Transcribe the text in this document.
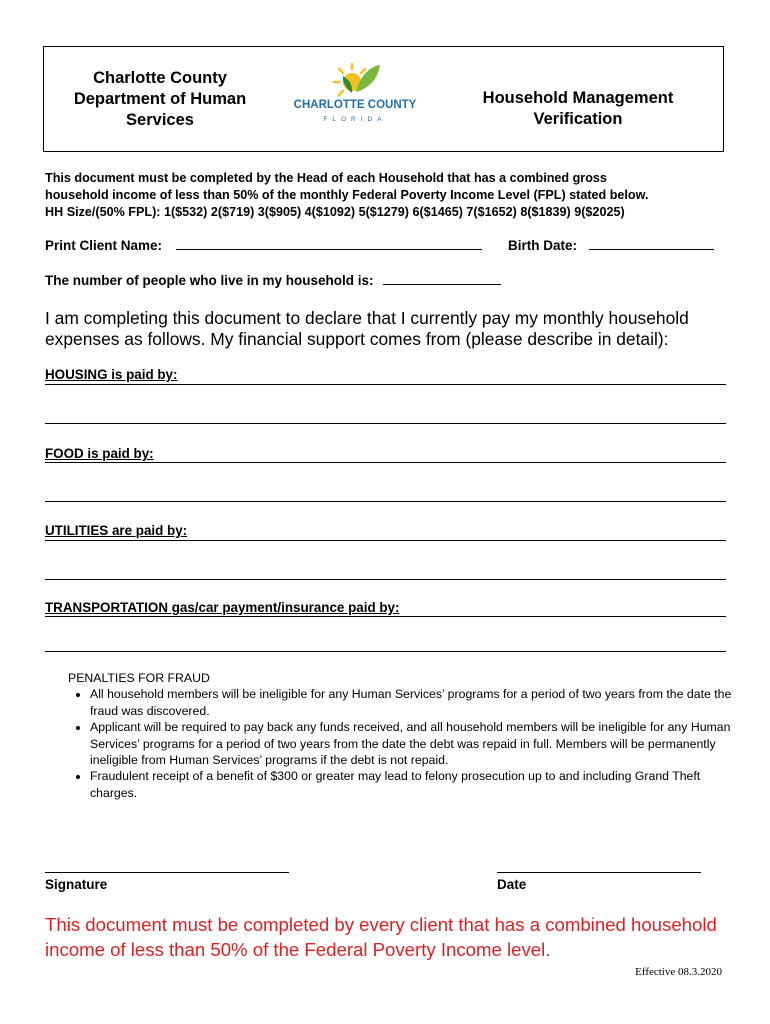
Charlotte County
Department of Human
Services
CHARLOTTE COUNTY
FLORIDA
Household Management
Verification
This document must be completed by the Head of each Household that has a combined gross
household income of less than 50% of the monthly Federal Poverty Income Level (FPL) stated below.
HH Size/(50% FPL): 1($532) 2($719) 3($905) 4($1092) 5($1279) 6($1465) 7($1652) 8($1839) 9($2025)
Print Client Name:	Birth Date:
The number of people who live in my household is:
I am completing this document to declare that I currently pay my monthly household expenses as follows. My financial support comes from (please describe in detail):
HOUSING is paid by:
FOOD is paid by:
UTILITIES are paid by:
TRANSPORTATION gas/car payment/insurance paid by:
PENALTIES FOR FRAUD
• All household members will be ineligible for any Human Services’ programs for a period of two years from the date the fraud was discovered.
• Applicant will be required to pay back any funds received, and all household members will be ineligible for any Human Services’ programs for a period of two years from the date the debt was repaid in full. Members will be permanently ineligible from Human Services’ programs if the debt is not repaid.
• Fraudulent receipt of a benefit of $300 or greater may lead to felony prosecution up to and including Grand Theft charges.
Signature	Date
This document must be completed by every client that has a combined household income of less than 50% of the Federal Poverty Income level.
Effective 08.3.2020
